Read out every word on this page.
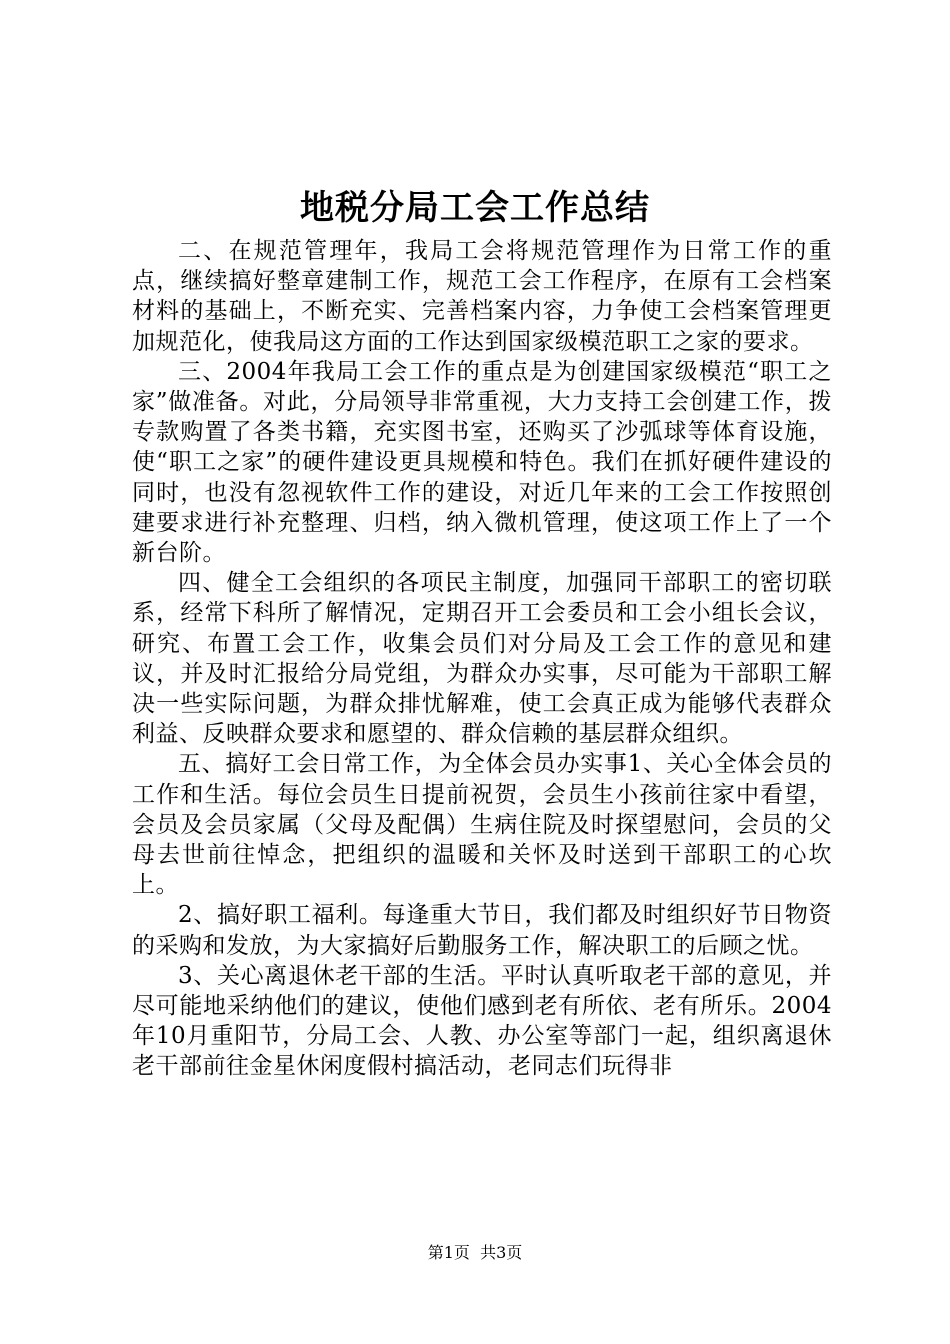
地税分局工会工作总结

二、在规范管理年，我局工会将规范管理作为日常工作的重点，继续搞好整章建制工作，规范工会工作程序，在原有工会档案材料的基础上，不断充实、完善档案内容，力争使工会档案管理更加规范化，使我局这方面的工作达到国家级模范职工之家的要求。

三、2004年我局工会工作的重点是为创建国家级模范“职工之家”做准备。对此，分局领导非常重视，大力支持工会创建工作，拨专款购置了各类书籍，充实图书室，还购买了沙弧球等体育设施，使“职工之家”的硬件建设更具规模和特色。我们在抓好硬件建设的同时，也没有忽视软件工作的建设，对近几年来的工会工作按照创建要求进行补充整理、归档，纳入微机管理，使这项工作上了一个新台阶。

四、健全工会组织的各项民主制度，加强同干部职工的密切联系，经常下科所了解情况，定期召开工会委员和工会小组长会议，研究、布置工会工作，收集会员们对分局及工会工作的意见和建议，并及时汇报给分局党组，为群众办实事，尽可能为干部职工解决一些实际问题，为群众排忧解难，使工会真正成为能够代表群众利益、反映群众要求和愿望的、群众信赖的基层群众组织。

五、搞好工会日常工作，为全体会员办实事1、关心全体会员的工作和生活。每位会员生日提前祝贺，会员生小孩前往家中看望，会员及会员家属（父母及配偶）生病住院及时探望慰问，会员的父母去世前往悼念，把组织的温暖和关怀及时送到干部职工的心坎上。

2、搞好职工福利。每逢重大节日，我们都及时组织好节日物资的采购和发放，为大家搞好后勤服务工作，解决职工的后顾之忧。

3、关心离退休老干部的生活。平时认真听取老干部的意见，并尽可能地采纳他们的建议，使他们感到老有所依、老有所乐。2004年10月重阳节，分局工会、人教、办公室等部门一起，组织离退休老干部前往金星休闲度假村搞活动，老同志们玩得非

第1页  共3页
